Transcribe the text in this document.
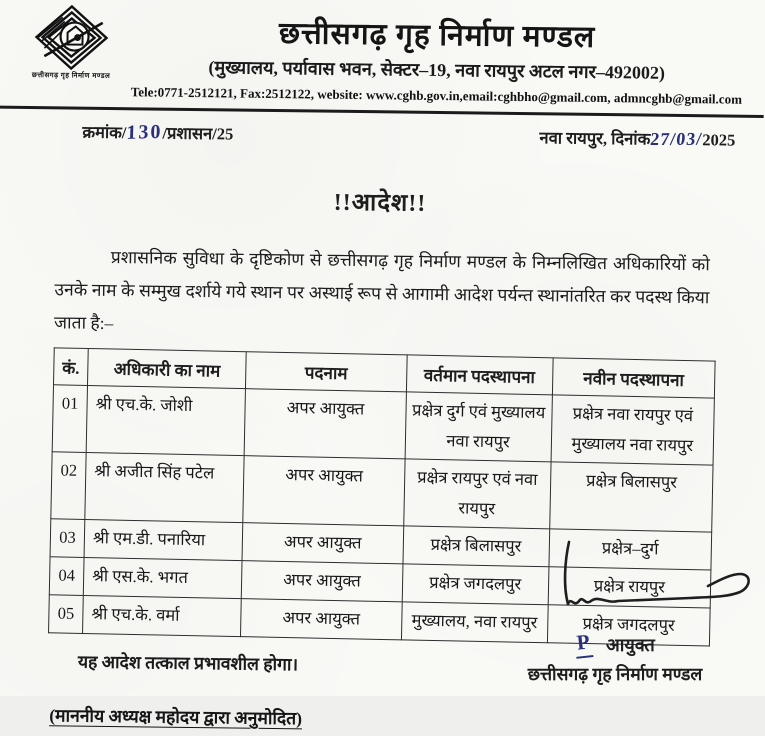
छत्तीसगढ़ गृह निर्माण मण्डल
छत्तीसगढ़ गृह निर्माण मण्डल
(मुख्यालय, पर्यावास भवन, सेक्टर–19, नवा रायपुर अटल नगर–492002)
Tele:0771-2512121, Fax:2512122, website: www.cghb.gov.in,email:cghbho@gmail.com, admncghb@gmail.com
क्रमांक/130/प्रशासन/25	नवा रायपुर, दिनांक27/03/2025
!!आदेश!!

प्रशासनिक सुविधा के दृष्टिकोण से छत्तीसगढ़ गृह निर्माण मण्डल के निम्नलिखित अधिकारियों को उनके नाम के सम्मुख दर्शाये गये स्थान पर अस्थाई रूप से आगामी आदेश पर्यन्त स्थानांतरित कर पदस्थ किया जाता है:–

कं.	अधिकारी का नाम	पदनाम	वर्तमान पदस्थापना	नवीन पदस्थापना
01	श्री एच.के. जोशी	अपर आयुक्त	प्रक्षेत्र दुर्ग एवं मुख्यालय नवा रायपुर	प्रक्षेत्र नवा रायपुर एवं मुख्यालय नवा रायपुर
02	श्री अजीत सिंह पटेल	अपर आयुक्त	प्रक्षेत्र रायपुर एवं नवा रायपुर	प्रक्षेत्र बिलासपुर
03	श्री एम.डी. पनारिया	अपर आयुक्त	प्रक्षेत्र बिलासपुर	प्रक्षेत्र–दुर्ग
04	श्री एस.के. भगत	अपर आयुक्त	प्रक्षेत्र जगदलपुर	प्रक्षेत्र रायपुर
05	श्री एच.के. वर्मा	अपर आयुक्त	मुख्यालय, नवा रायपुर	प्रक्षेत्र जगदलपुर
यह आदेश तत्काल प्रभावशील होगा।

(माननीय अध्यक्ष महोदय द्वारा अनुमोदित)
P आयुक्त
छत्तीसगढ़ गृह निर्माण मण्डल
